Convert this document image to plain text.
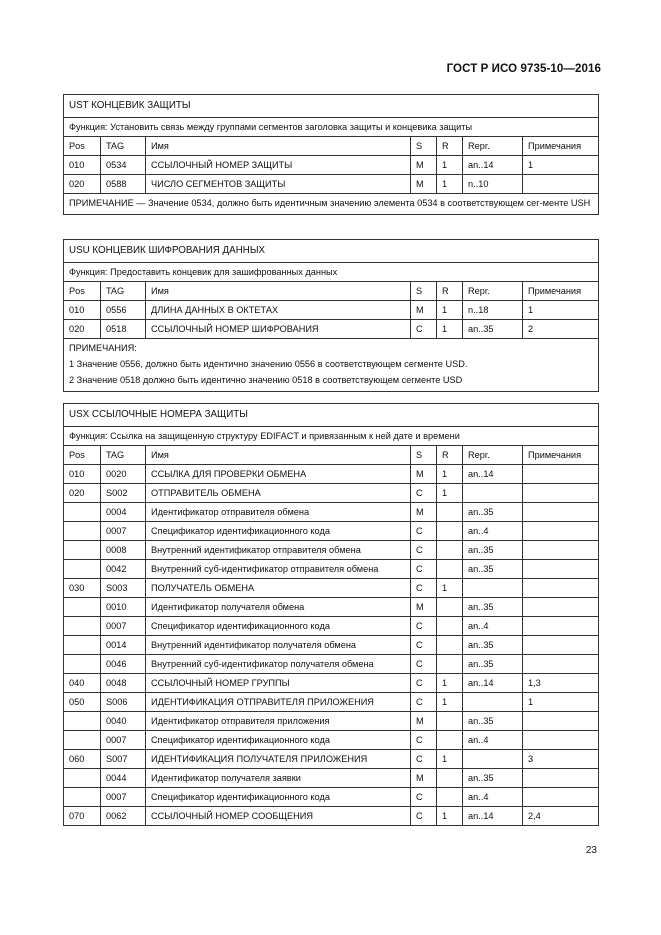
ГОСТ Р ИСО 9735-10—2016
UST КОНЦЕВИК ЗАЩИТЫ						
Функция: Установить связь между группами сегментов заголовка защиты и концевика защиты						
Pos	TAG	Имя	S	R	Repr.	Примечания
010	0534	ССЫЛОЧНЫЙ НОМЕР ЗАЩИТЫ	M	1	an..14	1
020	0588	ЧИСЛО СЕГМЕНТОВ ЗАЩИТЫ	M	1	n..10	

ПРИМЕЧАНИЕ — Значение 0534, должно быть идентичным значению элемента 0534 в соответствующем сег-менте USH						
USU КОНЦЕВИК ШИФРОВАНИЯ ДАННЫХ						
Функция: Предоставить концевик для зашифрованных данных						
Pos	TAG	Имя	S	R	Repr.	Примечания
010	0556	ДЛИНА ДАННЫХ В ОКТЕТАХ	M	1	n..18	1
020	0518	ССЫЛОЧНЫЙ НОМЕР ШИФРОВАНИЯ	C	1	an..35	2

ПРИМЕЧАНИЯ:
1 Значение 0556, должно быть идентично значению 0556 в соответствующем сегменте USD.
2 Значение 0518 должно быть идентично значению 0518 в соответствующем сегменте USD						
USX ССЫЛОЧНЫЕ НОМЕРА ЗАЩИТЫ						
Функция: Ссылка на защищенную структуру EDIFACT и привязанным к ней дате и времени						
Pos	TAG	Имя	S	R	Repr.	Примечания
010	0020	ССЫЛКА ДЛЯ ПРОВЕРКИ ОБМЕНА	M	1	an..14	
020	S002	ОТПРАВИТЕЛЬ ОБМЕНА	C	1		
	0004	Идентификатор отправителя обмена	M		an..35	
	0007	Спецификатор идентификационного кода	C		an..4	
	0008	Внутренний идентификатор отправителя обмена	C		an..35	
	0042	Внутренний суб-идентификатор отправителя обмена	C		an..35	
030	S003	ПОЛУЧАТЕЛЬ ОБМЕНА	C	1		
	0010	Идентификатор получателя обмена	M		an..35	
	0007	Спецификатор идентификационного кода	C		an..4	
	0014	Внутренний идентификатор получателя обмена	C		an..35	
	0046	Внутренний суб-идентификатор получателя обмена	C		an..35	
040	0048	ССЫЛОЧНЫЙ НОМЕР ГРУППЫ	C	1	an..14	1,3
050	S006	ИДЕНТИФИКАЦИЯ ОТПРАВИТЕЛЯ ПРИЛОЖЕНИЯ	C	1		1
	0040	Идентификатор отправителя приложения	M		an..35	
	0007	Спецификатор идентификационного кода	C		an..4	
060	S007	ИДЕНТИФИКАЦИЯ ПОЛУЧАТЕЛЯ ПРИЛОЖЕНИЯ	C	1		3
	0044	Идентификатор получателя заявки	M		an..35	
	0007	Спецификатор идентификационного кода	C		an..4	
070	0062	ССЫЛОЧНЫЙ НОМЕР СООБЩЕНИЯ	C	1	an..14	2,4
23
